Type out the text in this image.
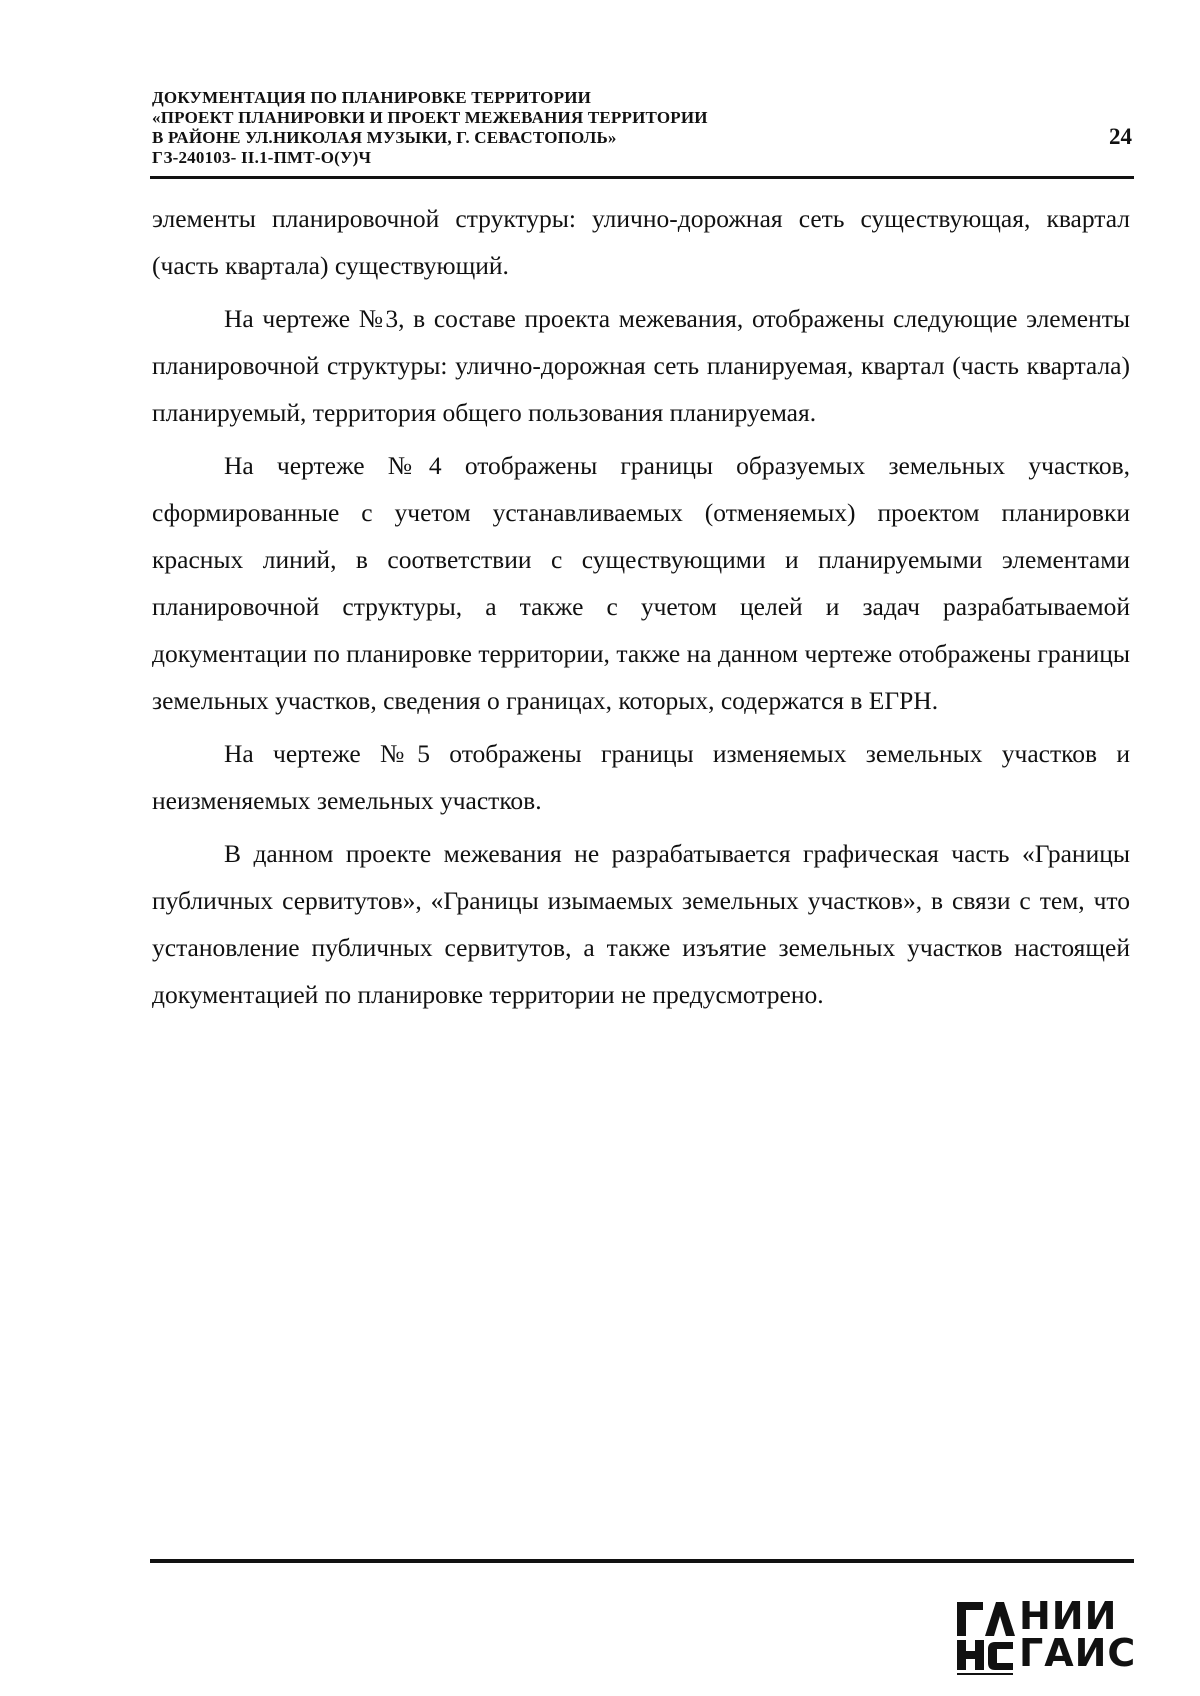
ДОКУМЕНТАЦИЯ ПО ПЛАНИРОВКЕ ТЕРРИТОРИИ
«ПРОЕКТ ПЛАНИРОВКИ И ПРОЕКТ МЕЖЕВАНИЯ ТЕРРИТОРИИ
В РАЙОНЕ УЛ.НИКОЛАЯ МУЗЫКИ, Г. СЕВАСТОПОЛЬ»
ГЗ-240103- II.1-ПМТ-О(У)Ч
24

элементы планировочной структуры: улично-дорожная сеть существующая, квартал (часть квартала) существующий.

На чертеже №3, в составе проекта межевания, отображены следующие элементы планировочной структуры: улично-дорожная сеть планируемая, квартал (часть квартала) планируемый, территория общего пользования планируемая.

На чертеже №4 отображены границы образуемых земельных участков, сформированные с учетом устанавливаемых (отменяемых) проектом планировки красных линий, в соответствии с существующими и планируемыми элементами планировочной структуры, а также с учетом целей и задач разрабатываемой документации по планировке территории, также на данном чертеже отображены границы земельных участков, сведения о границах, которых, содержатся в ЕГРН.

На чертеже №5 отображены границы изменяемых земельных участков и неизменяемых земельных участков.

В данном проекте межевания не разрабатывается графическая часть «Границы публичных сервитутов», «Границы изымаемых земельных участков», в связи с тем, что установление публичных сервитутов, а также изъятие земельных участков настоящей документацией по планировке территории не предусмотрено.

НИИ
ГАИС
